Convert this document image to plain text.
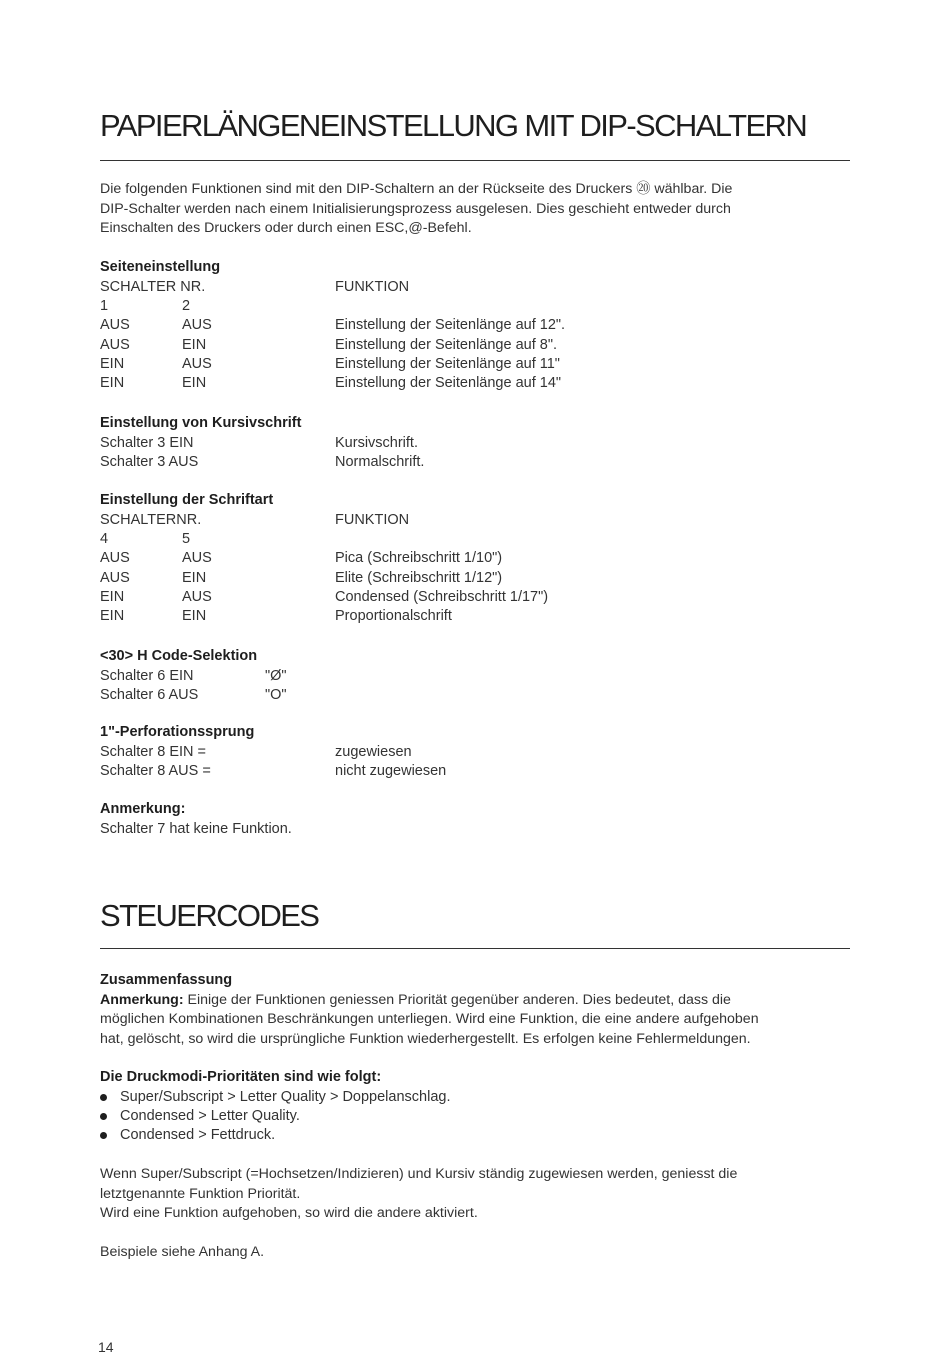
PAPIERLÄNGENEINSTELLUNG MIT DIP-SCHALTERN
Die folgenden Funktionen sind mit den DIP-Schaltern an der Rückseite des Druckers ⑳ wählbar. Die
DIP-Schalter werden nach einem Initialisierungsprozess ausgelesen. Dies geschieht entweder durch
Einschalten des Druckers oder durch einen ESC,@-Befehl.
Seiteneinstellung
SCHALTER NR.	FUNKTION
1	2
AUS	AUS	Einstellung der Seitenlänge auf 12".
AUS	EIN	Einstellung der Seitenlänge auf 8".
EIN	AUS	Einstellung der Seitenlänge auf 11"
EIN	EIN	Einstellung der Seitenlänge auf 14"
Einstellung von Kursivschrift
Schalter 3 EIN	Kursivschrift.
Schalter 3 AUS	Normalschrift.
Einstellung der Schriftart
SCHALTERNR.	FUNKTION
4	5
AUS	AUS	Pica (Schreibschritt 1/10")
AUS	EIN	Elite (Schreibschritt 1/12")
EIN	AUS	Condensed (Schreibschritt 1/17")
EIN	EIN	Proportionalschrift
<30> H Code-Selektion
Schalter 6 EIN	"Ø"
Schalter 6 AUS	"O"
1"-Perforationssprung
Schalter 8 EIN =	zugewiesen
Schalter 8 AUS =	nicht zugewiesen
Anmerkung:
Schalter 7 hat keine Funktion.
STEUERCODES
Zusammenfassung
Anmerkung: Einige der Funktionen geniessen Priorität gegenüber anderen. Dies bedeutet, dass die
möglichen Kombinationen Beschränkungen unterliegen. Wird eine Funktion, die eine andere aufgehoben
hat, gelöscht, so wird die ursprüngliche Funktion wiederhergestellt. Es erfolgen keine Fehlermeldungen.
Die Druckmodi-Prioritäten sind wie folgt:
Super/Subscript > Letter Quality > Doppelanschlag.
Condensed > Letter Quality.
Condensed > Fettdruck.
Wenn Super/Subscript (=Hochsetzen/Indizieren) und Kursiv ständig zugewiesen werden, geniesst die
letztgenannte Funktion Priorität.
Wird eine Funktion aufgehoben, so wird die andere aktiviert.
Beispiele siehe Anhang A.
14
